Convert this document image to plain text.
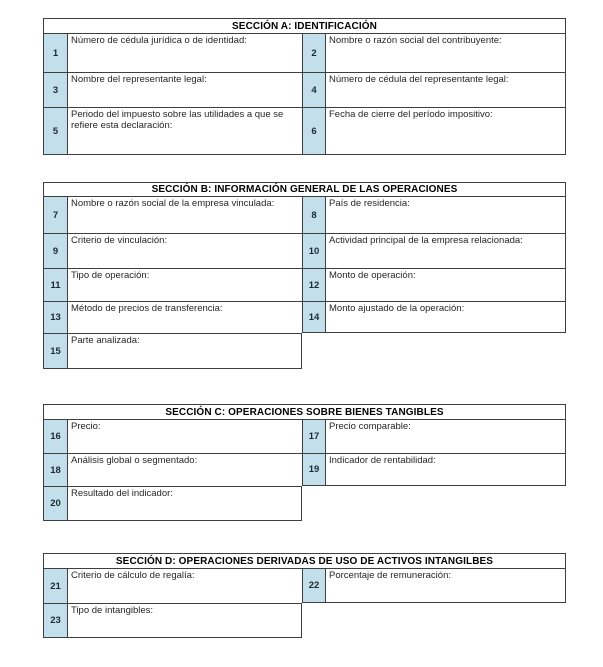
SECCIÓN A: IDENTIFICACIÓN
1
Número de cédula jurídica o de identidad:
2
Nombre o razón social del contribuyente:
3
Nombre del representante legal:
4
Número de cédula del representante legal:
5
Periodo del impuesto sobre las utilidades a que se refiere esta declaración:	6
Fecha de cierre del período impositivo:
SECCIÓN B: INFORMACIÓN GENERAL DE LAS OPERACIONES
7
Nombre o razón social de la empresa vinculada:
8
País de residencia:
9
Criterio de vinculación:
10
Actividad principal de la empresa relacionada:
11
Tipo de operación:
12
Monto de operación:
13
Método de precios de transferencia:
14
Monto ajustado de la operación:
15
Parte analizada:
SECCIÓN C: OPERACIONES SOBRE BIENES TANGIBLES
16
Precio:
17
Precio comparable:
18
Análisis global o segmentado:
19
Indicador de rentabilidad:
20
Resultado del indicador:
SECCIÓN D: OPERACIONES DERIVADAS DE USO DE ACTIVOS INTANGILBES
21
Criterio de cálculo de regalía:
22
Porcentaje de remuneración:
23
Tipo de intangibles:
